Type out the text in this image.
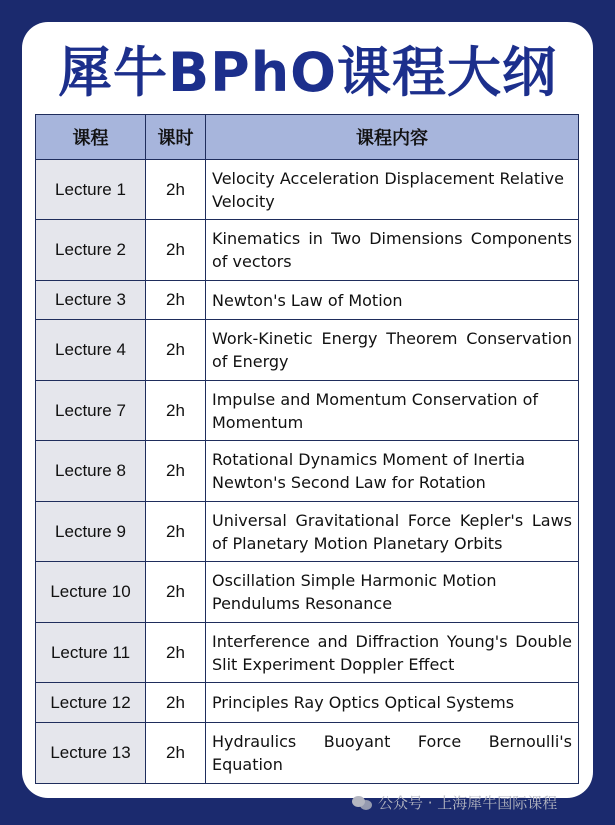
犀牛BPhO课程大纲
课程	课时	课程内容
Lecture 1	2h	Velocity Acceleration Displacement Relative Velocity
Lecture 2	2h	Kinematics in Two Dimensions Components of vectors
Lecture 3	2h	Newton's Law of Motion
Lecture 4	2h	Work-Kinetic Energy Theorem Conservation of Energy
Lecture 7	2h	Impulse and Momentum Conservation of Momentum
Lecture 8	2h	Rotational Dynamics Moment of Inertia Newton's Second Law for Rotation
Lecture 9	2h	Universal Gravitational Force Kepler's Laws of Planetary Motion Planetary Orbits
Lecture 10	2h	Oscillation Simple Harmonic Motion Pendulums Resonance
Lecture 11	2h	Interference and Diffraction Young's Double Slit Experiment Doppler Effect
Lecture 12	2h	Principles Ray Optics Optical Systems
Lecture 13	2h	Hydraulics Buoyant Force Bernoulli's Equation
公众号 · 上海犀牛国际课程
